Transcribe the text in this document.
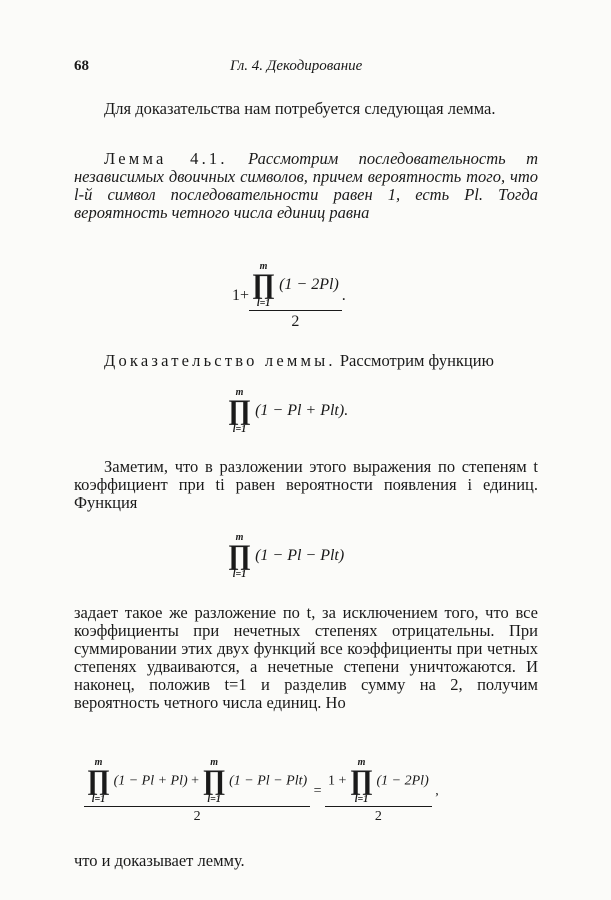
68	Гл. 4. Декодирование

Для доказательства нам потребуется следующая лемма.

Лемма 4.1. Рассмотрим последовательность m независимых двоичных символов, причем вероятность того, что l-й символ последовательности равен 1, есть Pl. Тогда вероятность четного числа единиц равна

1+ m
∏
l=1
(1 − 2Pl)
2 .

Доказательство леммы. Рассмотрим функцию

m
∏
l=1
(1 − Pl + Plt).

Заметим, что в разложении этого выражения по степеням t коэффициент при ti равен вероятности появления i единиц. Функция

m
∏
l=1
(1 − Pl − Plt)

задает такое же разложение по t, за исключением того, что все коэффициенты при нечетных степенях отрицательны. При суммировании этих двух функций все коэффициенты при четных степенях удваиваются, а нечетные степени уничтожаются. И наконец, положив t=1 и разделив сумму на 2, получим вероятность четного числа единиц. Но

m
∏
l=1
(1 − Pl + Pl) +
m
∏
l=1
(1 − Pl − Plt)
2
=
1 +
m
∏
l=1
(1 − 2Pl)
2
,

что и доказывает лемму.
